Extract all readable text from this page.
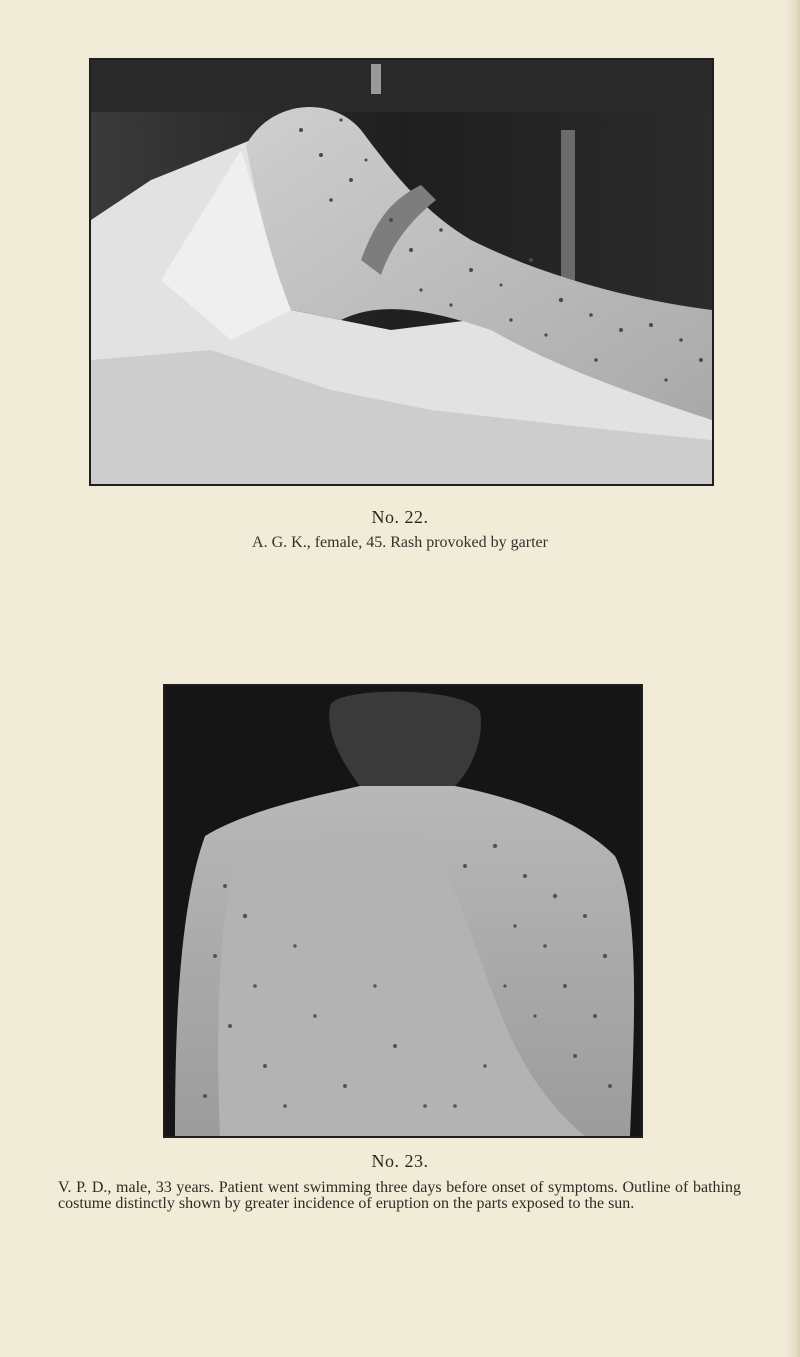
No. 22.
A. G. K., female, 45. Rash provoked by garter
No. 23.
V. P. D., male, 33 years. Patient went swimming three days before onset of symptoms. Outline of bathing costume distinctly shown by greater incidence of eruption on the parts exposed to the sun.
